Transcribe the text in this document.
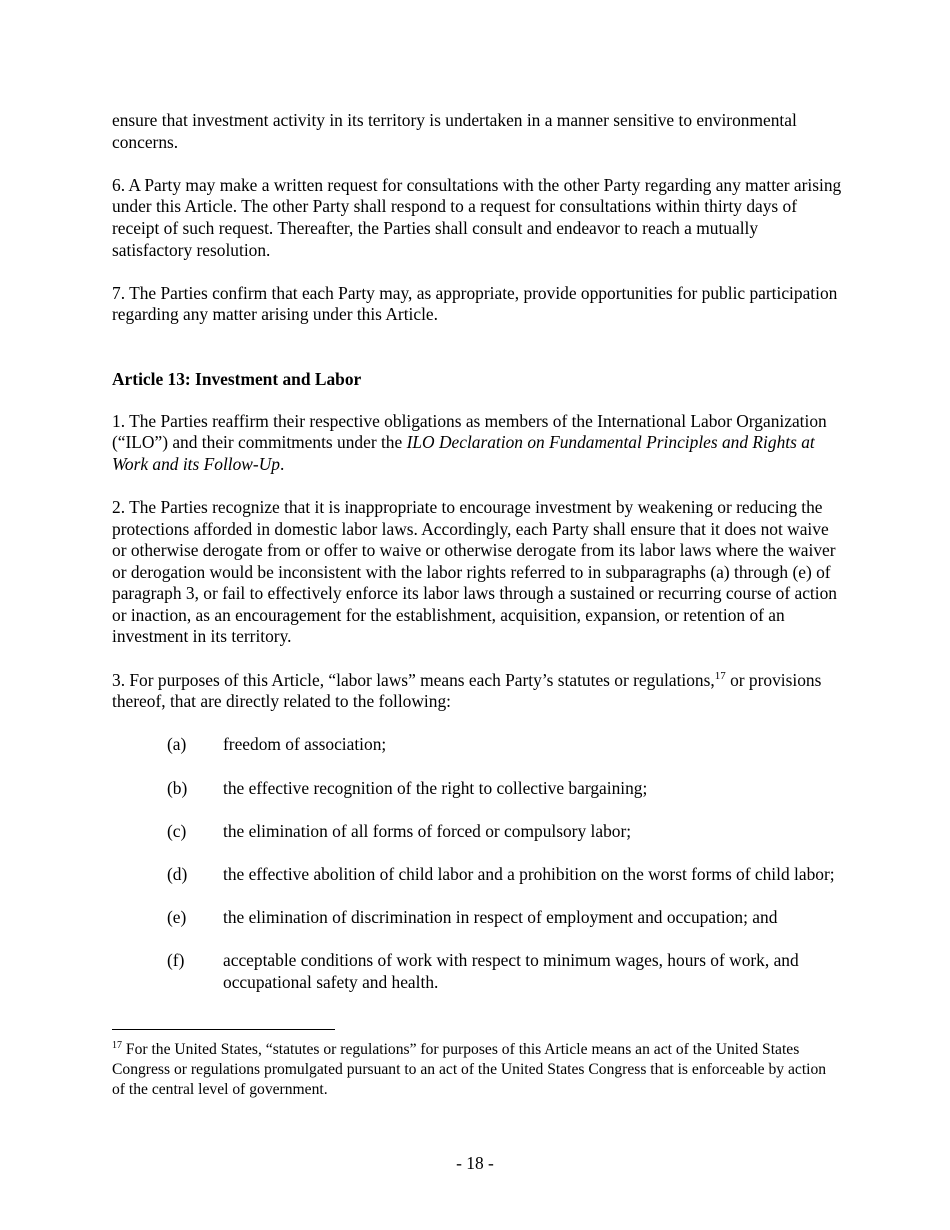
ensure that investment activity in its territory is undertaken in a manner sensitive to environmental concerns.

6. A Party may make a written request for consultations with the other Party regarding any matter arising under this Article. The other Party shall respond to a request for consultations within thirty days of receipt of such request. Thereafter, the Parties shall consult and endeavor to reach a mutually satisfactory resolution.

7. The Parties confirm that each Party may, as appropriate, provide opportunities for public participation regarding any matter arising under this Article.

Article 13: Investment and Labor

1. The Parties reaffirm their respective obligations as members of the International Labor Organization (“ILO”) and their commitments under the ILO Declaration on Fundamental Principles and Rights at Work and its Follow-Up.

2. The Parties recognize that it is inappropriate to encourage investment by weakening or reducing the protections afforded in domestic labor laws. Accordingly, each Party shall ensure that it does not waive or otherwise derogate from or offer to waive or otherwise derogate from its labor laws where the waiver or derogation would be inconsistent with the labor rights referred to in subparagraphs (a) through (e) of paragraph 3, or fail to effectively enforce its labor laws through a sustained or recurring course of action or inaction, as an encouragement for the establishment, acquisition, expansion, or retention of an investment in its territory.

3. For purposes of this Article, “labor laws” means each Party’s statutes or regulations,$^{17}$ or provisions thereof, that are directly related to the following:

(a) freedom of association;
(b) the effective recognition of the right to collective bargaining;
(c) the elimination of all forms of forced or compulsory labor;
(d) the effective abolition of child labor and a prohibition on the worst forms of child labor;
(e) the elimination of discrimination in respect of employment and occupation; and
(f) acceptable conditions of work with respect to minimum wages, hours of work, and occupational safety and health.
$^{17}$ For the United States, “statutes or regulations” for purposes of this Article means an act of the United States Congress or regulations promulgated pursuant to an act of the United States Congress that is enforceable by action of the central level of government.
- 18 -
